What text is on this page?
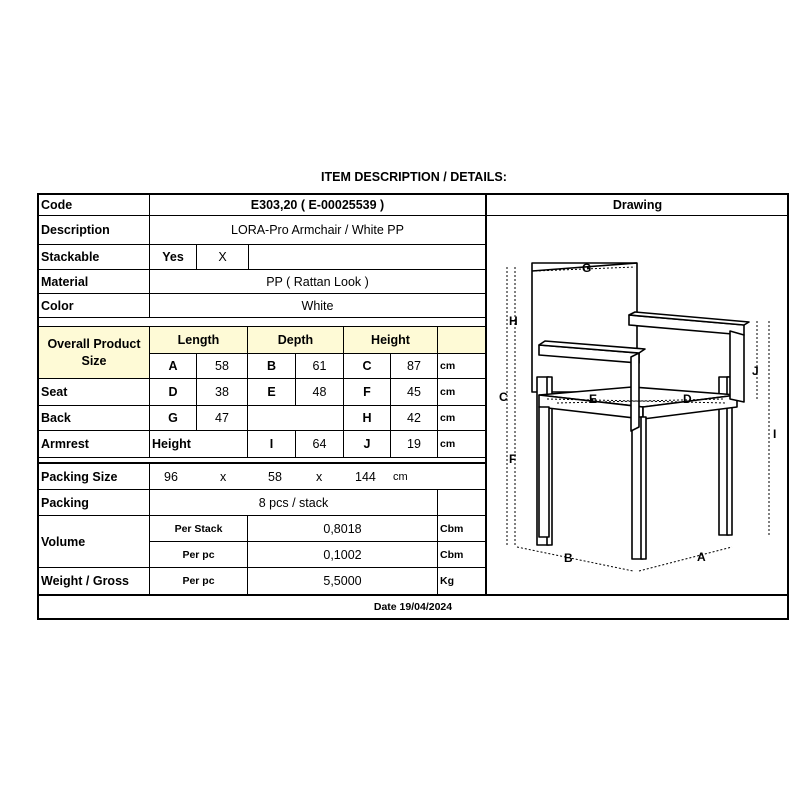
ITEM DESCRIPTION / DETAILS:
Code	E303,20 ( E-00025539 )	Drawing
Description	LORA-Pro Armchair / White PP
Stackable	Yes	X
Material	PP ( Rattan Look )
Color	White
Overall Product Size
Length	Depth	Height
A	58	B	61	C	87	cm
Seat	D	38	E	48	F	45	cm
Back	G	47	H	42	cm
Armrest	Height	I	64	J	19	cm
Packing Size	96	x	58	x	144 cm
Packing	8 pcs / stack
Volume
Per Stack	0,8018	Cbm
Per pc	0,1002	Cbm
Weight / Gross	Per pc	5,5000	Kg
Date 19/04/2024
G
H
C
F
E	D
J
I
B	A
